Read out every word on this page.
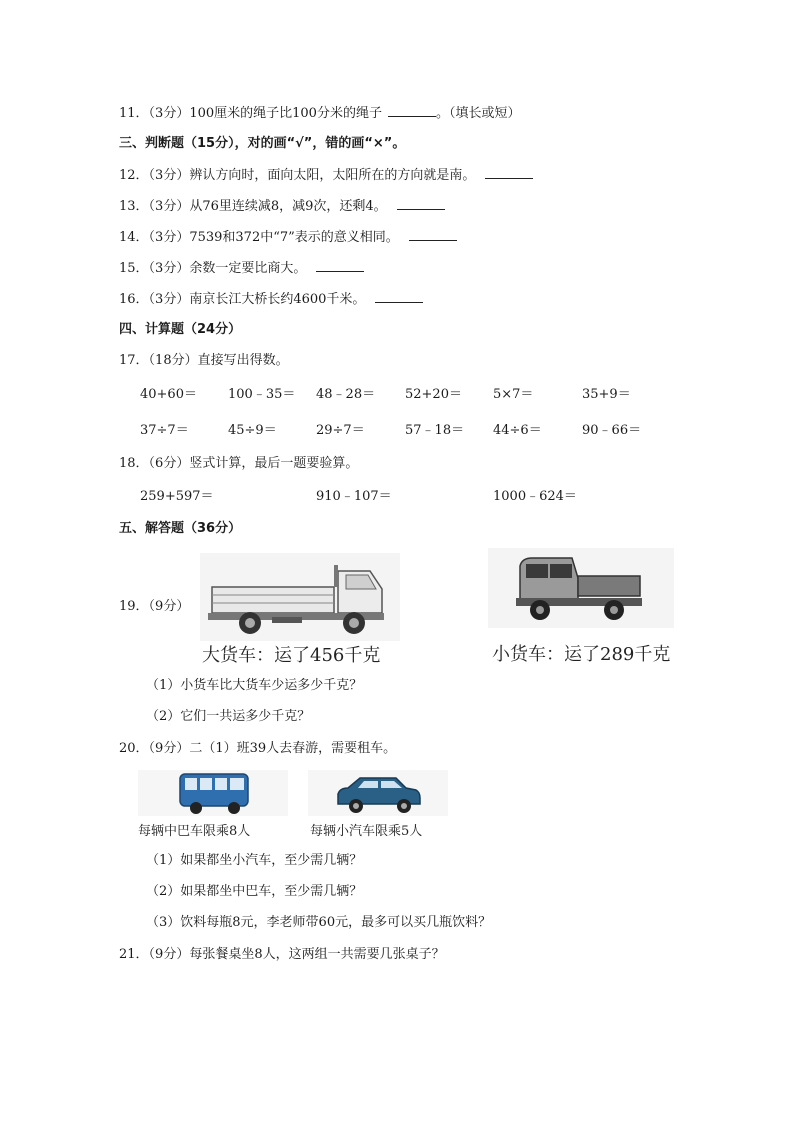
11．（3分）100厘米的绳子比100分米的绳子	。（填长或短）
三、判断题（15分），对的画“√”，错的画“×”。
12．（3分）辨认方向时，面向太阳，太阳所在的方向就是南。
13．（3分）从76里连续减8，减9次，还剩4。
14．（3分）7539和372中“7”表示的意义相同。
15．（3分）余数一定要比商大。
16．（3分）南京长江大桥长约4600千米。
四、计算题（24分）
17．（18分）直接写出得数。
40+60＝ 100﹣35＝ 48﹣28＝ 52+20＝ 5×7＝	35+9＝
37÷7＝	45÷9＝	29÷7＝	57﹣18＝ 44÷6＝	90﹣66＝
18．（6分）竖式计算，最后一题要验算。
259+597＝	910﹣107＝	1000﹣624＝
五、解答题（36分）
19．（9分）
大货车：运了456千克	小货车：运了289千克
（1）小货车比大货车少运多少千克？
（2）它们一共运多少千克？
20．（9分）二（1）班39人去春游，需要租车。
每辆中巴车限乘8人	每辆小汽车限乘5人
（1）如果都坐小汽车，至少需几辆？
（2）如果都坐中巴车，至少需几辆？
（3）饮料每瓶8元，李老师带60元，最多可以买几瓶饮料？
21．（9分）每张餐桌坐8人，这两组一共需要几张桌子？
